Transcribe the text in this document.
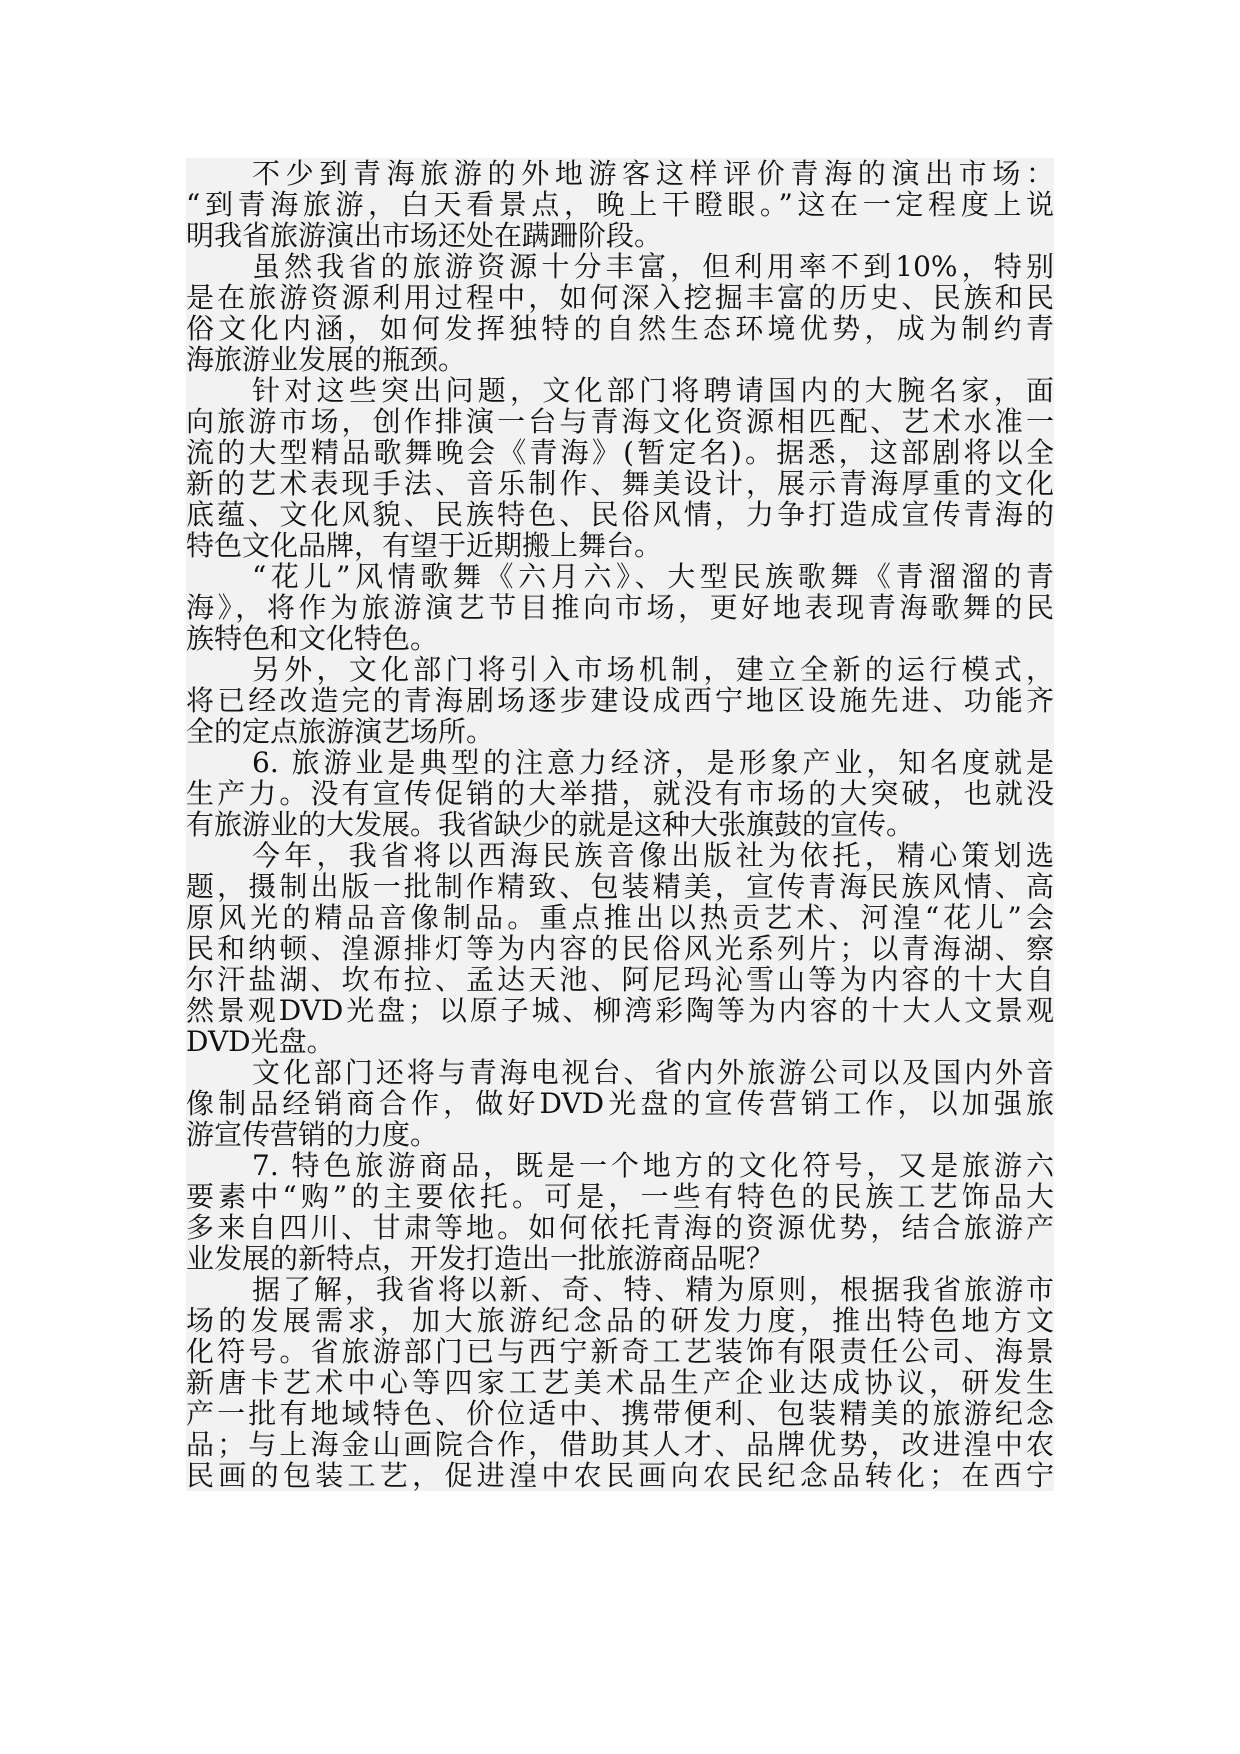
不少到青海旅游的外地游客这样评价青海的演出市场：
“到青海旅游，白天看景点，晚上干瞪眼。”这在一定程度上说
明我省旅游演出市场还处在蹒跚阶段。
虽然我省的旅游资源十分丰富，但利用率不到10%，特别
是在旅游资源利用过程中，如何深入挖掘丰富的历史、民族和民
俗文化内涵，如何发挥独特的自然生态环境优势，成为制约青
海旅游业发展的瓶颈。
针对这些突出问题，文化部门将聘请国内的大腕名家，面
向旅游市场，创作排演一台与青海文化资源相匹配、艺术水准一
流的大型精品歌舞晚会《青海》(暂定名)。据悉，这部剧将以全
新的艺术表现手法、音乐制作、舞美设计，展示青海厚重的文化
底蕴、文化风貌、民族特色、民俗风情，力争打造成宣传青海的
特色文化品牌，有望于近期搬上舞台。
“花儿”风情歌舞《六月六》、大型民族歌舞《青溜溜的青
海》，将作为旅游演艺节目推向市场，更好地表现青海歌舞的民
族特色和文化特色。
另外，文化部门将引入市场机制，建立全新的运行模式，
将已经改造完的青海剧场逐步建设成西宁地区设施先进、功能齐
全的定点旅游演艺场所。
6. 旅游业是典型的注意力经济，是形象产业，知名度就是
生产力。没有宣传促销的大举措，就没有市场的大突破，也就没
有旅游业的大发展。我省缺少的就是这种大张旗鼓的宣传。
今年，我省将以西海民族音像出版社为依托，精心策划选
题，摄制出版一批制作精致、包装精美，宣传青海民族风情、高
原风光的精品音像制品。重点推出以热贡艺术、河湟“花儿”会
民和纳顿、湟源排灯等为内容的民俗风光系列片；以青海湖、察
尔汗盐湖、坎布拉、孟达天池、阿尼玛沁雪山等为内容的十大自
然景观DVD光盘；以原子城、柳湾彩陶等为内容的十大人文景观
DVD光盘。
文化部门还将与青海电视台、省内外旅游公司以及国内外音
像制品经销商合作，做好DVD光盘的宣传营销工作，以加强旅
游宣传营销的力度。
7. 特色旅游商品，既是一个地方的文化符号，又是旅游六
要素中“购”的主要依托。可是，一些有特色的民族工艺饰品大
多来自四川、甘肃等地。如何依托青海的资源优势，结合旅游产
业发展的新特点，开发打造出一批旅游商品呢？
据了解，我省将以新、奇、特、精为原则，根据我省旅游市
场的发展需求，加大旅游纪念品的研发力度，推出特色地方文
化符号。省旅游部门已与西宁新奇工艺装饰有限责任公司、海景
新唐卡艺术中心等四家工艺美术品生产企业达成协议，研发生
产一批有地域特色、价位适中、携带便利、包装精美的旅游纪念
品；与上海金山画院合作，借助其人才、品牌优势，改进湟中农
民画的包装工艺，促进湟中农民画向农民纪念品转化；在西宁
